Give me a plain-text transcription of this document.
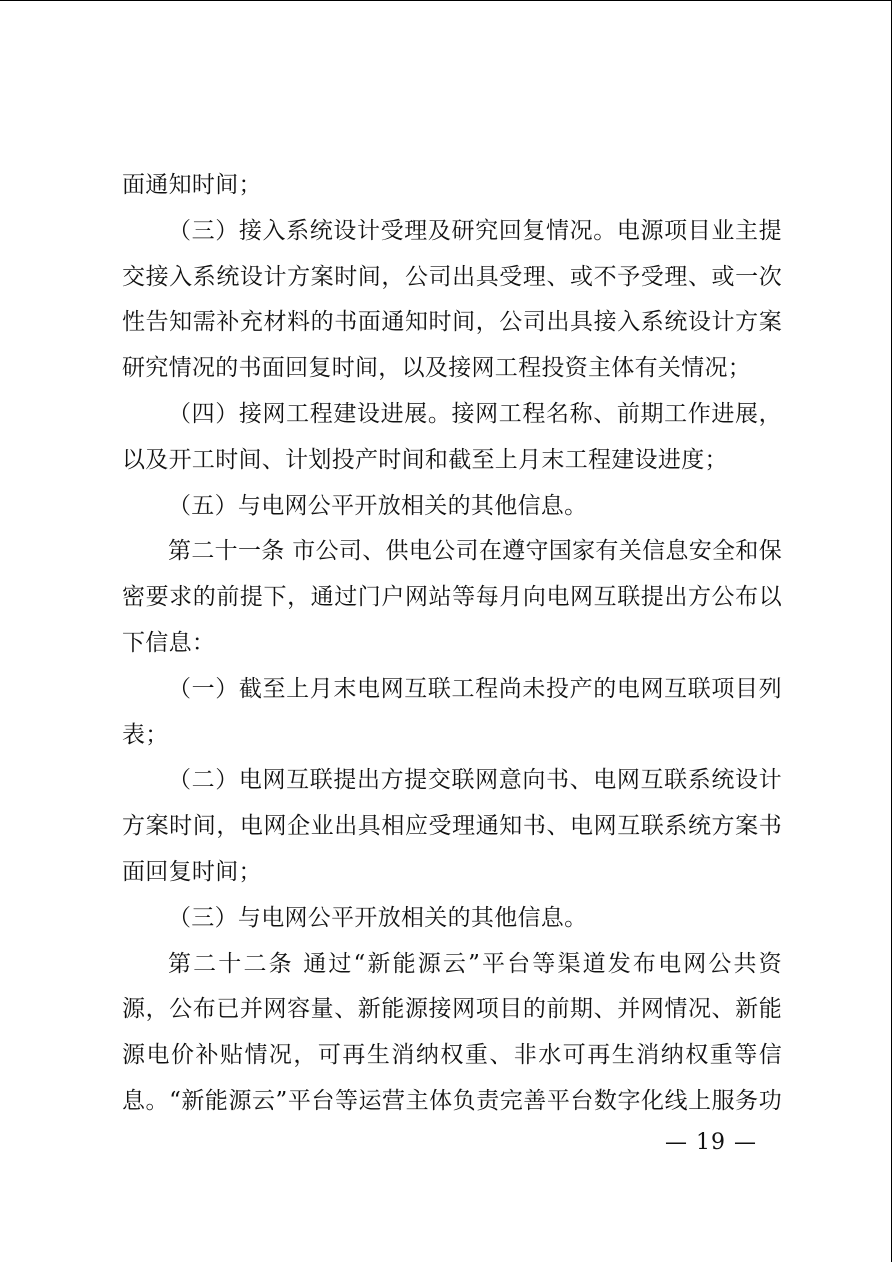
面通知时间；

（三）接入系统设计受理及研究回复情况。电源项目业主提交接入系统设计方案时间，公司出具受理、或不予受理、或一次性告知需补充材料的书面通知时间，公司出具接入系统设计方案研究情况的书面回复时间，以及接网工程投资主体有关情况；

（四）接网工程建设进展。接网工程名称、前期工作进展，以及开工时间、计划投产时间和截至上月末工程建设进度；

（五）与电网公平开放相关的其他信息。

第二十一条 市公司、供电公司在遵守国家有关信息安全和保密要求的前提下，通过门户网站等每月向电网互联提出方公布以下信息：

（一）截至上月末电网互联工程尚未投产的电网互联项目列表；

（二）电网互联提出方提交联网意向书、电网互联系统设计方案时间，电网企业出具相应受理通知书、电网互联系统方案书面回复时间；

（三）与电网公平开放相关的其他信息。

第二十二条 通过“新能源云”平台等渠道发布电网公共资源，公布已并网容量、新能源接网项目的前期、并网情况、新能源电价补贴情况，可再生消纳权重、非水可再生消纳权重等信息。“新能源云”平台等运营主体负责完善平台数字化线上服务功

— 19 —
